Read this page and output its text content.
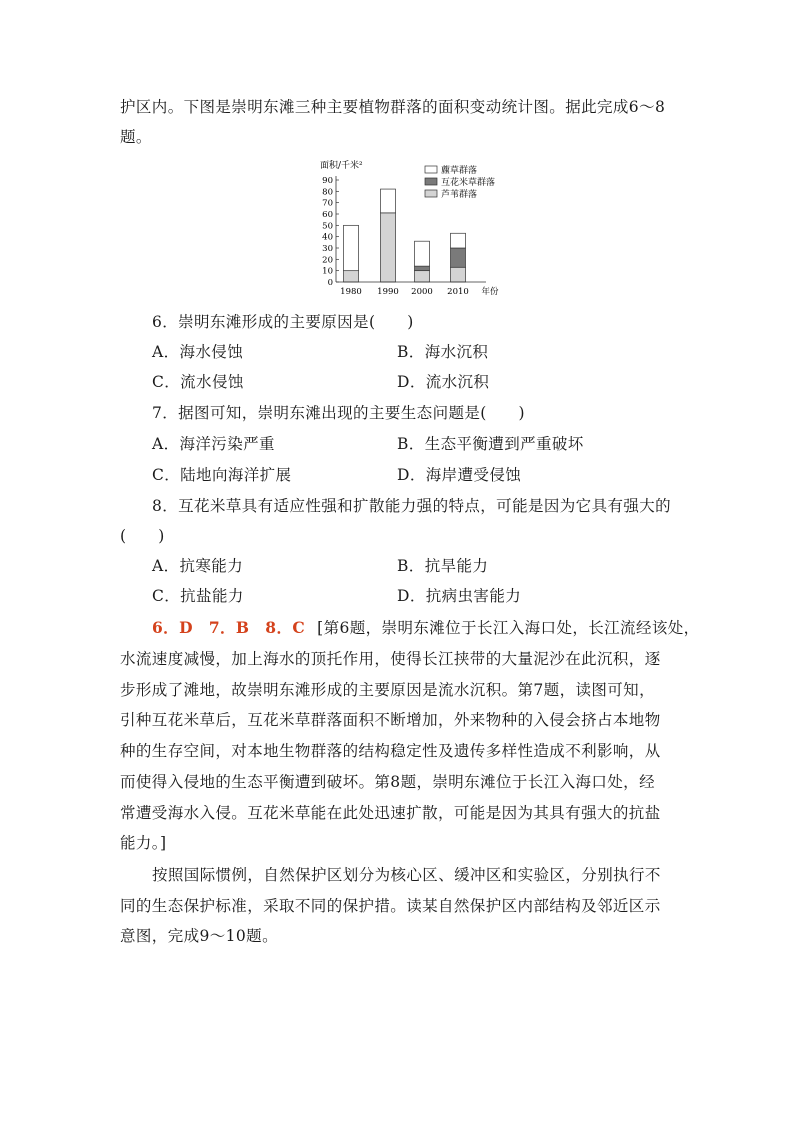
护区内。下图是崇明东滩三种主要植物群落的面积变动统计图。据此完成6～8
题。
面积/千米²
0
10
20
30
40
50
60
70
80
90
1980 1990 2000 2010 年份
藨草群落
互花米草群落
芦苇群落
6．崇明东滩形成的主要原因是(　　)
A．海水侵蚀	B．海水沉积
C．流水侵蚀	D．流水沉积
7．据图可知，崇明东滩出现的主要生态问题是(　　)
A．海洋污染严重	B．生态平衡遭到严重破坏
C．陆地向海洋扩展	D．海岸遭受侵蚀
8．互花米草具有适应性强和扩散能力强的特点，可能是因为它具有强大的
(　　)
A．抗寒能力	B．抗旱能力
C．抗盐能力	D．抗病虫害能力
6．D　7．B　8．C [第6题，崇明东滩位于长江入海口处，长江流经该处，
水流速度减慢，加上海水的顶托作用，使得长江挟带的大量泥沙在此沉积，逐
步形成了滩地，故崇明东滩形成的主要原因是流水沉积。第7题，读图可知，
引种互花米草后，互花米草群落面积不断增加，外来物种的入侵会挤占本地物
种的生存空间，对本地生物群落的结构稳定性及遗传多样性造成不利影响，从
而使得入侵地的生态平衡遭到破坏。第8题，崇明东滩位于长江入海口处，经
常遭受海水入侵。互花米草能在此处迅速扩散，可能是因为其具有强大的抗盐
能力。]
按照国际惯例，自然保护区划分为核心区、缓冲区和实验区，分别执行不
同的生态保护标准，采取不同的保护措。读某自然保护区内部结构及邻近区示
意图，完成9～10题。
